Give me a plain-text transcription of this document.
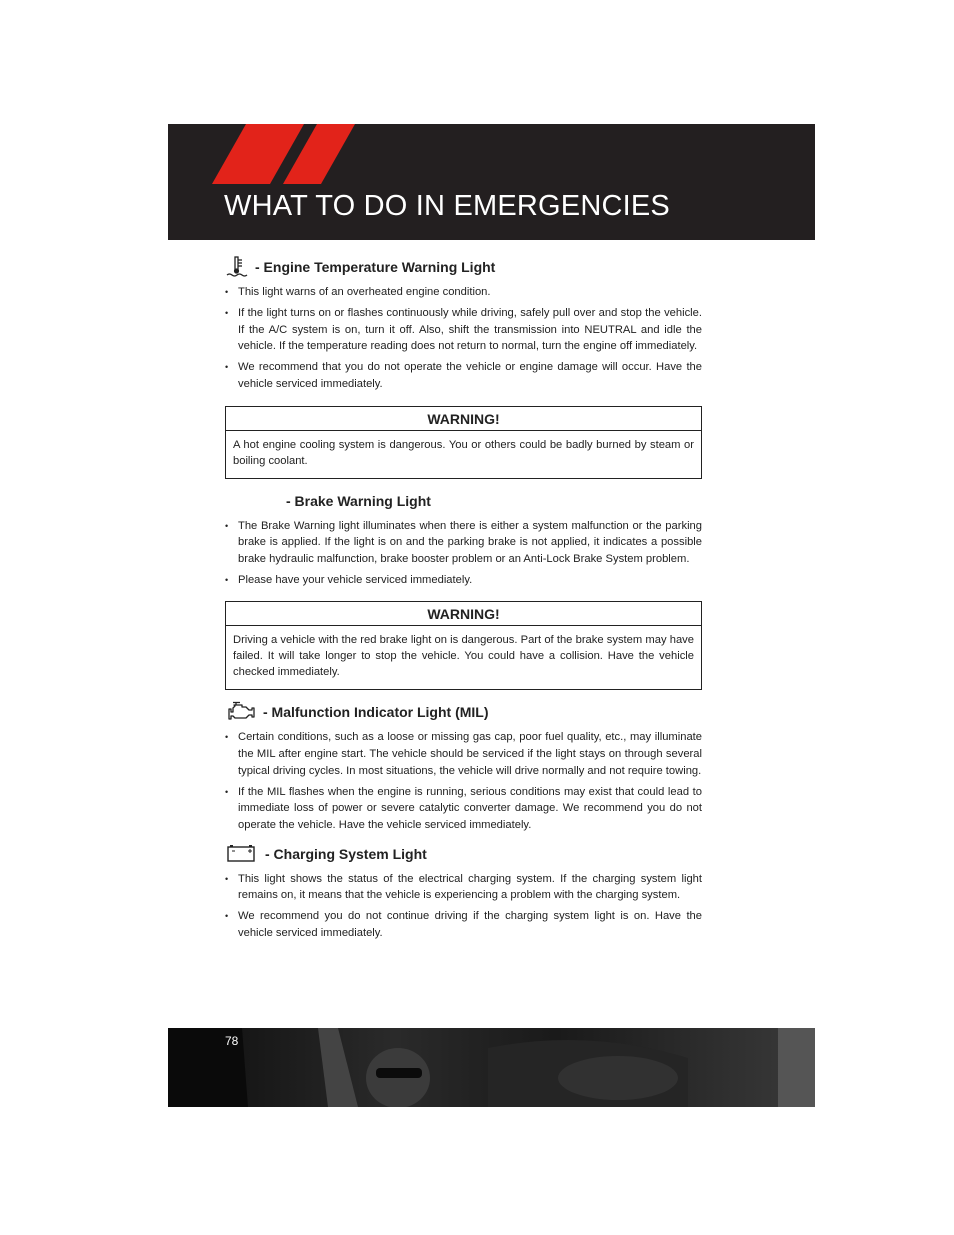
WHAT TO DO IN EMERGENCIES
- Engine Temperature Warning Light
• This light warns of an overheated engine condition.
• If the light turns on or flashes continuously while driving, safely pull over and stop the vehicle. If the A/C system is on, turn it off. Also, shift the transmission into NEUTRAL and idle the vehicle. If the temperature reading does not return to normal, turn the engine off immediately.
• We recommend that you do not operate the vehicle or engine damage will occur. Have the vehicle serviced immediately.
WARNING!
A hot engine cooling system is dangerous. You or others could be badly burned by steam or boiling coolant.
- Brake Warning Light
• The Brake Warning light illuminates when there is either a system malfunction or the parking brake is applied. If the light is on and the parking brake is not applied, it indicates a possible brake hydraulic malfunction, brake booster problem or an Anti-Lock Brake System problem.
• Please have your vehicle serviced immediately.
WARNING!
Driving a vehicle with the red brake light on is dangerous. Part of the brake system may have failed. It will take longer to stop the vehicle. You could have a collision. Have the vehicle checked immediately.
- Malfunction Indicator Light (MIL)
• Certain conditions, such as a loose or missing gas cap, poor fuel quality, etc., may illuminate the MIL after engine start. The vehicle should be serviced if the light stays on through several typical driving cycles. In most situations, the vehicle will drive normally and not require towing.
• If the MIL flashes when the engine is running, serious conditions may exist that could lead to immediate loss of power or severe catalytic converter damage. We recommend you do not operate the vehicle. Have the vehicle serviced immediately.
- Charging System Light
• This light shows the status of the electrical charging system. If the charging system light remains on, it means that the vehicle is experiencing a problem with the charging system.
• We recommend you do not continue driving if the charging system light is on. Have the vehicle serviced immediately.
78
